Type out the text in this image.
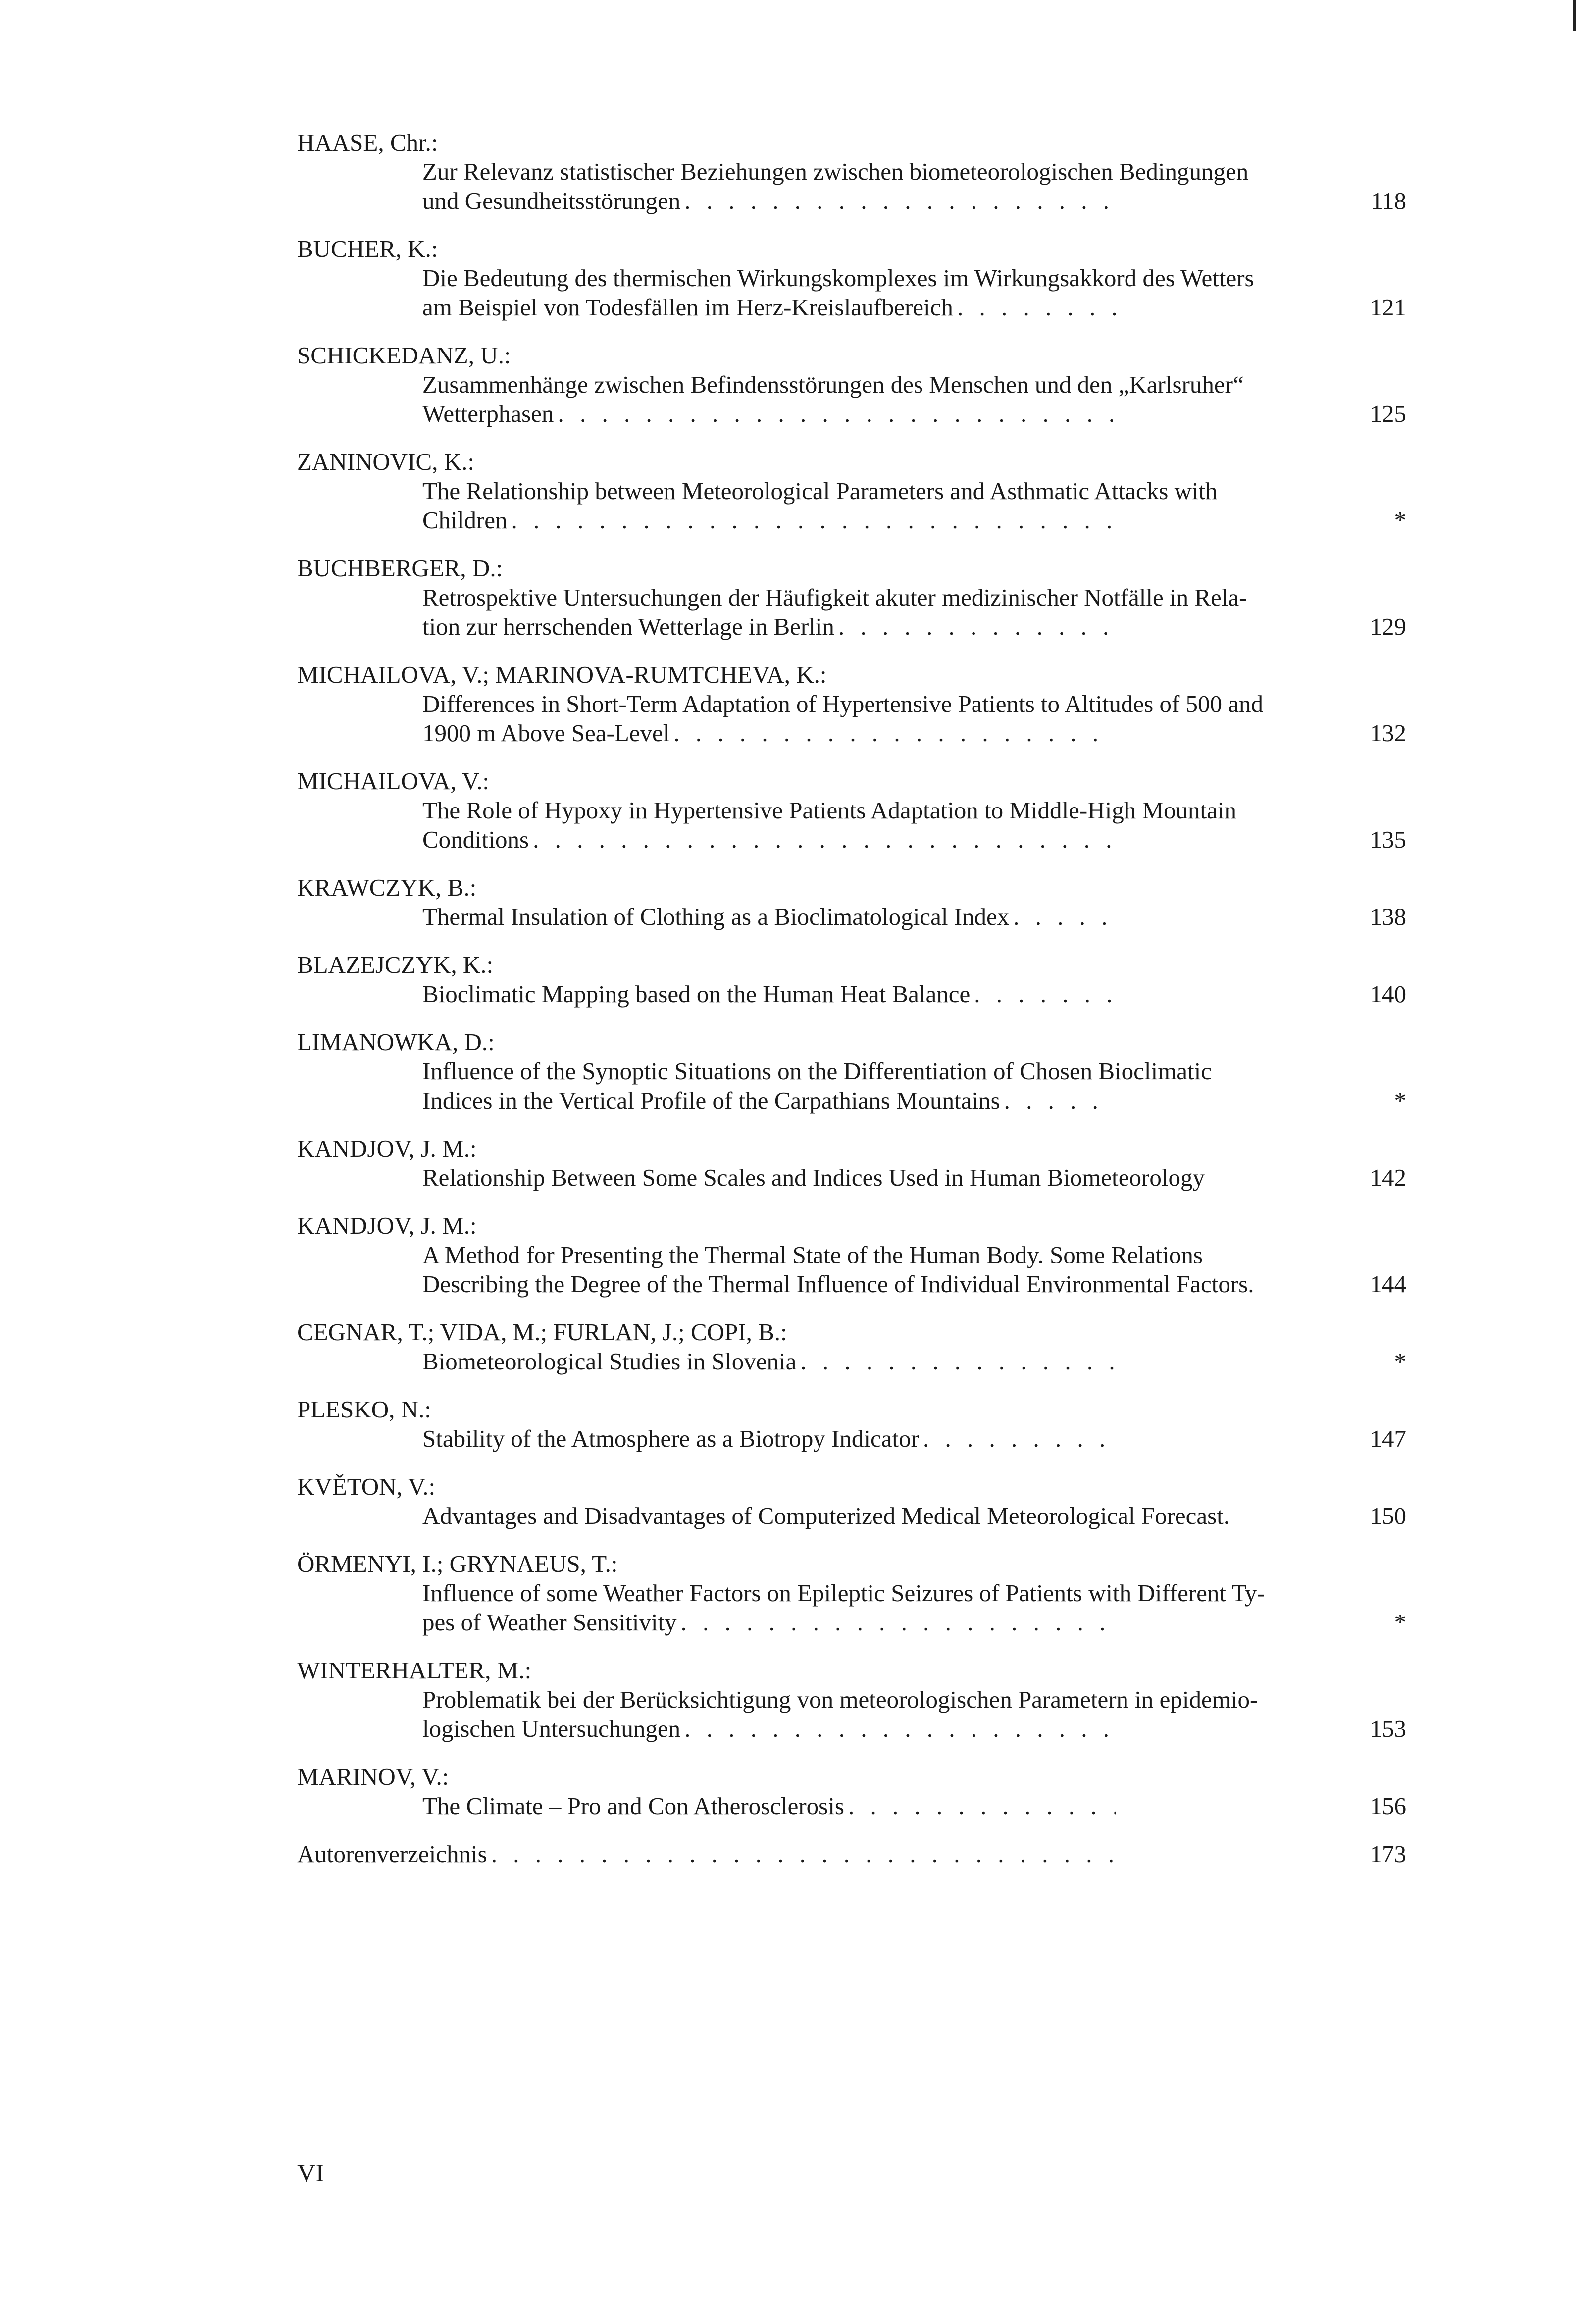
HAASE, Chr.:
Zur Relevanz statistischer Beziehungen zwischen biometeorologischen Bedingungen
und Gesundheitsstörungen . . .	118
BUCHER, K.:
Die Bedeutung des thermischen Wirkungskomplexes im Wirkungsakkord des Wetters
am Beispiel von Todesfällen im Herz-Kreislaufbereich . . .	121
SCHICKEDANZ, U.:
Zusammenhänge zwischen Befindensstörungen des Menschen und den „Karlsruher“
Wetterphasen . . .	125
ZANINOVIC, K.:
The Relationship between Meteorological Parameters and Asthmatic Attacks with
Children . . .	*
BUCHBERGER, D.:
Retrospektive Untersuchungen der Häufigkeit akuter medizinischer Notfälle in Rela-
tion zur herrschenden Wetterlage in Berlin . . .	129
MICHAILOVA, V.; MARINOVA-RUMTCHEVA, K.:
Differences in Short-Term Adaptation of Hypertensive Patients to Altitudes of 500 and
1900 m Above Sea-Level . . .	132
MICHAILOVA, V.:
The Role of Hypoxy in Hypertensive Patients Adaptation to Middle-High Mountain
Conditions . . .	135
KRAWCZYK, B.:
Thermal Insulation of Clothing as a Bioclimatological Index . . .	138
BLAZEJCZYK, K.:
Bioclimatic Mapping based on the Human Heat Balance . . .	140
LIMANOWKA, D.:
Influence of the Synoptic Situations on the Differentiation of Chosen Bioclimatic
Indices in the Vertical Profile of the Carpathians Mountains . . .	*
KANDJOV, J. M.:
Relationship Between Some Scales and Indices Used in Human Biometeorology	142
KANDJOV, J. M.:
A Method for Presenting the Thermal State of the Human Body. Some Relations
Describing the Degree of the Thermal Influence of Individual Environmental Factors.	144
CEGNAR, T.; VIDA, M.; FURLAN, J.; COPI, B.:
Biometeorological Studies in Slovenia . . .	*
PLESKO, N.:
Stability of the Atmosphere as a Biotropy Indicator . . .	147
KVĚTON, V.:
Advantages and Disadvantages of Computerized Medical Meteorological Forecast.	150
ÖRMENYI, I.; GRYNAEUS, T.:
Influence of some Weather Factors on Epileptic Seizures of Patients with Different Ty-
pes of Weather Sensitivity . . .	*
WINTERHALTER, M.:
Problematik bei der Berücksichtigung von meteorologischen Parametern in epidemio-
logischen Untersuchungen . . .	153
MARINOV, V.:
The Climate – Pro and Con Atherosclerosis . . .	156
Autorenverzeichnis . . .	173
VI
